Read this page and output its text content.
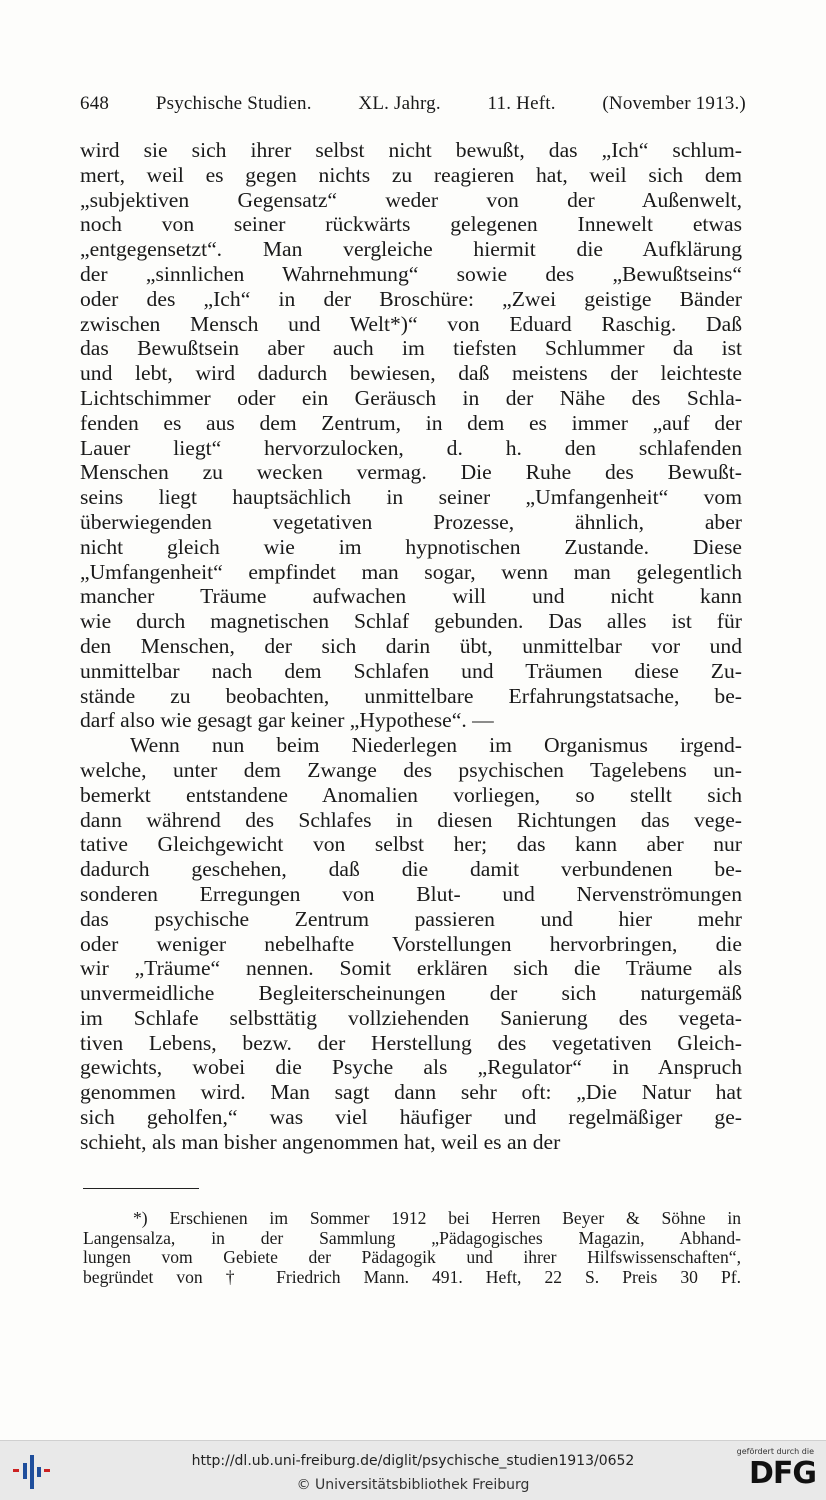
648 Psychische Studien. XL. Jahrg. 11. Heft. (November 1913.)
wird sie sich ihrer selbst nicht bewußt, das „Ich“ schlum-
mert, weil es gegen nichts zu reagieren hat, weil sich dem
„subjektiven Gegensatz“ weder von der Außenwelt,
noch von seiner rückwärts gelegenen Innewelt etwas
„entgegensetzt“. Man vergleiche hiermit die Aufklärung
der „sinnlichen Wahrnehmung“ sowie des „Bewußtseins“
oder des „Ich“ in der Broschüre: „Zwei geistige Bänder
zwischen Mensch und Welt*)“ von Eduard Raschig. Daß
das Bewußtsein aber auch im tiefsten Schlummer da ist
und lebt, wird dadurch bewiesen, daß meistens der leichteste
Lichtschimmer oder ein Geräusch in der Nähe des Schla-
fenden es aus dem Zentrum, in dem es immer „auf der
Lauer liegt“ hervorzulocken, d. h. den schlafenden
Menschen zu wecken vermag. Die Ruhe des Bewußt-
seins liegt hauptsächlich in seiner „Umfangenheit“ vom
überwiegenden vegetativen Prozesse, ähnlich, aber
nicht gleich wie im hypnotischen Zustande. Diese
„Umfangenheit“ empfindet man sogar, wenn man gelegentlich
mancher Träume aufwachen will und nicht kann
wie durch magnetischen Schlaf gebunden. Das alles ist für
den Menschen, der sich darin übt, unmittelbar vor und
unmittelbar nach dem Schlafen und Träumen diese Zu-
stände zu beobachten, unmittelbare Erfahrungstatsache, be-
darf also wie gesagt gar keiner „Hypothese“. —
Wenn nun beim Niederlegen im Organismus irgend-
welche, unter dem Zwange des psychischen Tagelebens un-
bemerkt entstandene Anomalien vorliegen, so stellt sich
dann während des Schlafes in diesen Richtungen das vege-
tative Gleichgewicht von selbst her; das kann aber nur
dadurch geschehen, daß die damit verbundenen be-
sonderen Erregungen von Blut- und Nervenströmungen
das psychische Zentrum passieren und hier mehr
oder weniger nebelhafte Vorstellungen hervorbringen, die
wir „Träume“ nennen. Somit erklären sich die Träume als
unvermeidliche Begleiterscheinungen der sich naturgemäß
im Schlafe selbsttätig vollziehenden Sanierung des vegeta-
tiven Lebens, bezw. der Herstellung des vegetativen Gleich-
gewichts, wobei die Psyche als „Regulator“ in Anspruch
genommen wird. Man sagt dann sehr oft: „Die Natur hat
sich geholfen,“ was viel häufiger und regelmäßiger ge-
schieht, als man bisher angenommen hat, weil es an der
*) Erschienen im Sommer 1912 bei Herren Beyer & Söhne in
Langensalza, in der Sammlung „Pädagogisches Magazin, Abhand-
lungen vom Gebiete der Pädagogik und ihrer Hilfswissenschaften“,
begründet von † Friedrich Mann. 491. Heft, 22 S. Preis 30 Pf.
http://dl.ub.uni-freiburg.de/diglit/psychische_studien1913/0652
© Universitätsbibliothek Freiburg
gefördert durch die
DFG
